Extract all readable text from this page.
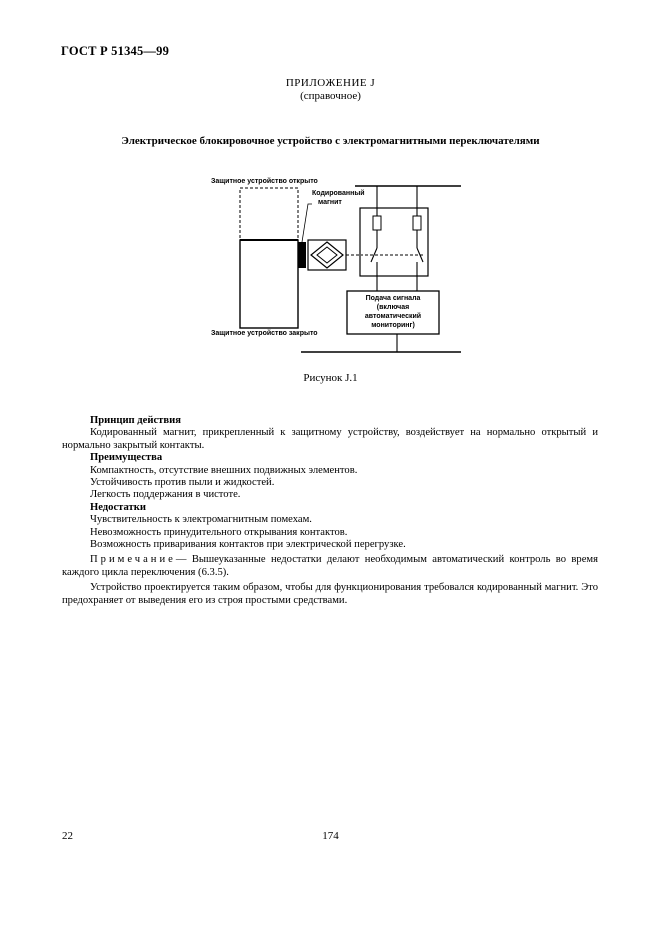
ГОСТ Р 51345—99
ПРИЛОЖЕНИЕ J
(справочное)
Электрическое блокировочное устройство с электромагнитными переключателями
Защитное устройство открыто
Кодированный
магнит
Защитное устройство закрыто
Подача сигнала
(включая
автоматический
мониторинг)
Рисунок J.1

Принцип действия

Кодированный магнит, прикрепленный к защитному устройству, воздействует на нормально открытый и нормально закрытый контакты.

Преимущества

Компактность, отсутствие внешних подвижных элементов.

Устойчивость против пыли и жидкостей.

Легкость поддержания в чистоте.

Недостатки

Чувствительность к электромагнитным помехам.

Невозможность принудительного открывания контактов.

Возможность приваривания контактов при электрической перегрузке.

Примечание— Вышеуказанные недостатки делают необходимым автоматический контроль во время каждого цикла переключения (6.3.5).

Устройство проектируется таким образом, чтобы для функционирования требовался кодированный магнит. Это предохраняет от выведения его из строя простыми средствами.

22	174
